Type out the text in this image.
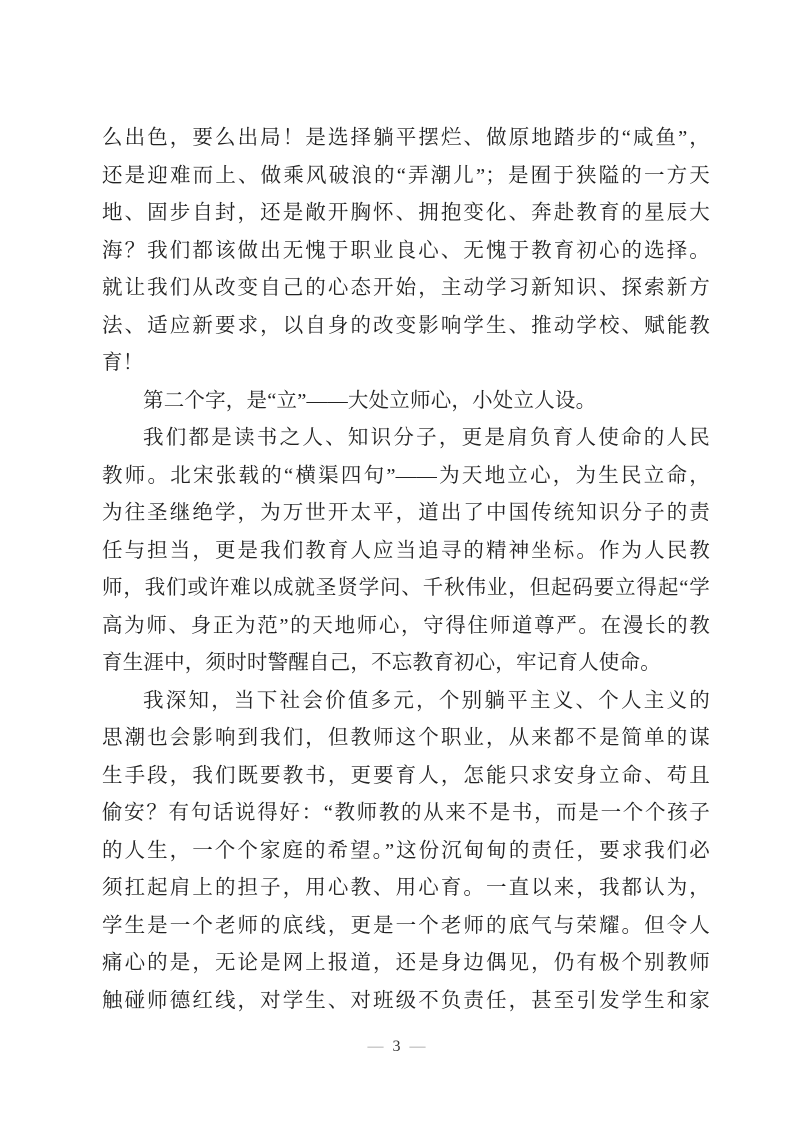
么出色，要么出局！是选择躺平摆烂、做原地踏步的“咸鱼”，
还是迎难而上、做乘风破浪的“弄潮儿”；是囿于狭隘的一方天
地、固步自封，还是敞开胸怀、拥抱变化、奔赴教育的星辰大
海？我们都该做出无愧于职业良心、无愧于教育初心的选择。
就让我们从改变自己的心态开始，主动学习新知识、探索新方
法、适应新要求，以自身的改变影响学生、推动学校、赋能教
育！
第二个字，是“立”——大处立师心，小处立人设。
我们都是读书之人、知识分子，更是肩负育人使命的人民
教师。北宋张载的“横渠四句”——为天地立心，为生民立命，
为往圣继绝学，为万世开太平，道出了中国传统知识分子的责
任与担当，更是我们教育人应当追寻的精神坐标。作为人民教
师，我们或许难以成就圣贤学问、千秋伟业，但起码要立得起“学
高为师、身正为范”的天地师心，守得住师道尊严。在漫长的教
育生涯中，须时时警醒自己，不忘教育初心，牢记育人使命。
我深知，当下社会价值多元，个别躺平主义、个人主义的
思潮也会影响到我们，但教师这个职业，从来都不是简单的谋
生手段，我们既要教书，更要育人，怎能只求安身立命、苟且
偷安？有句话说得好：“教师教的从来不是书，而是一个个孩子
的人生，一个个家庭的希望。”这份沉甸甸的责任，要求我们必
须扛起肩上的担子，用心教、用心育。一直以来，我都认为，
学生是一个老师的底线，更是一个老师的底气与荣耀。但令人
痛心的是，无论是网上报道，还是身边偶见，仍有极个别教师
触碰师德红线，对学生、对班级不负责任，甚至引发学生和家
— 3 —
